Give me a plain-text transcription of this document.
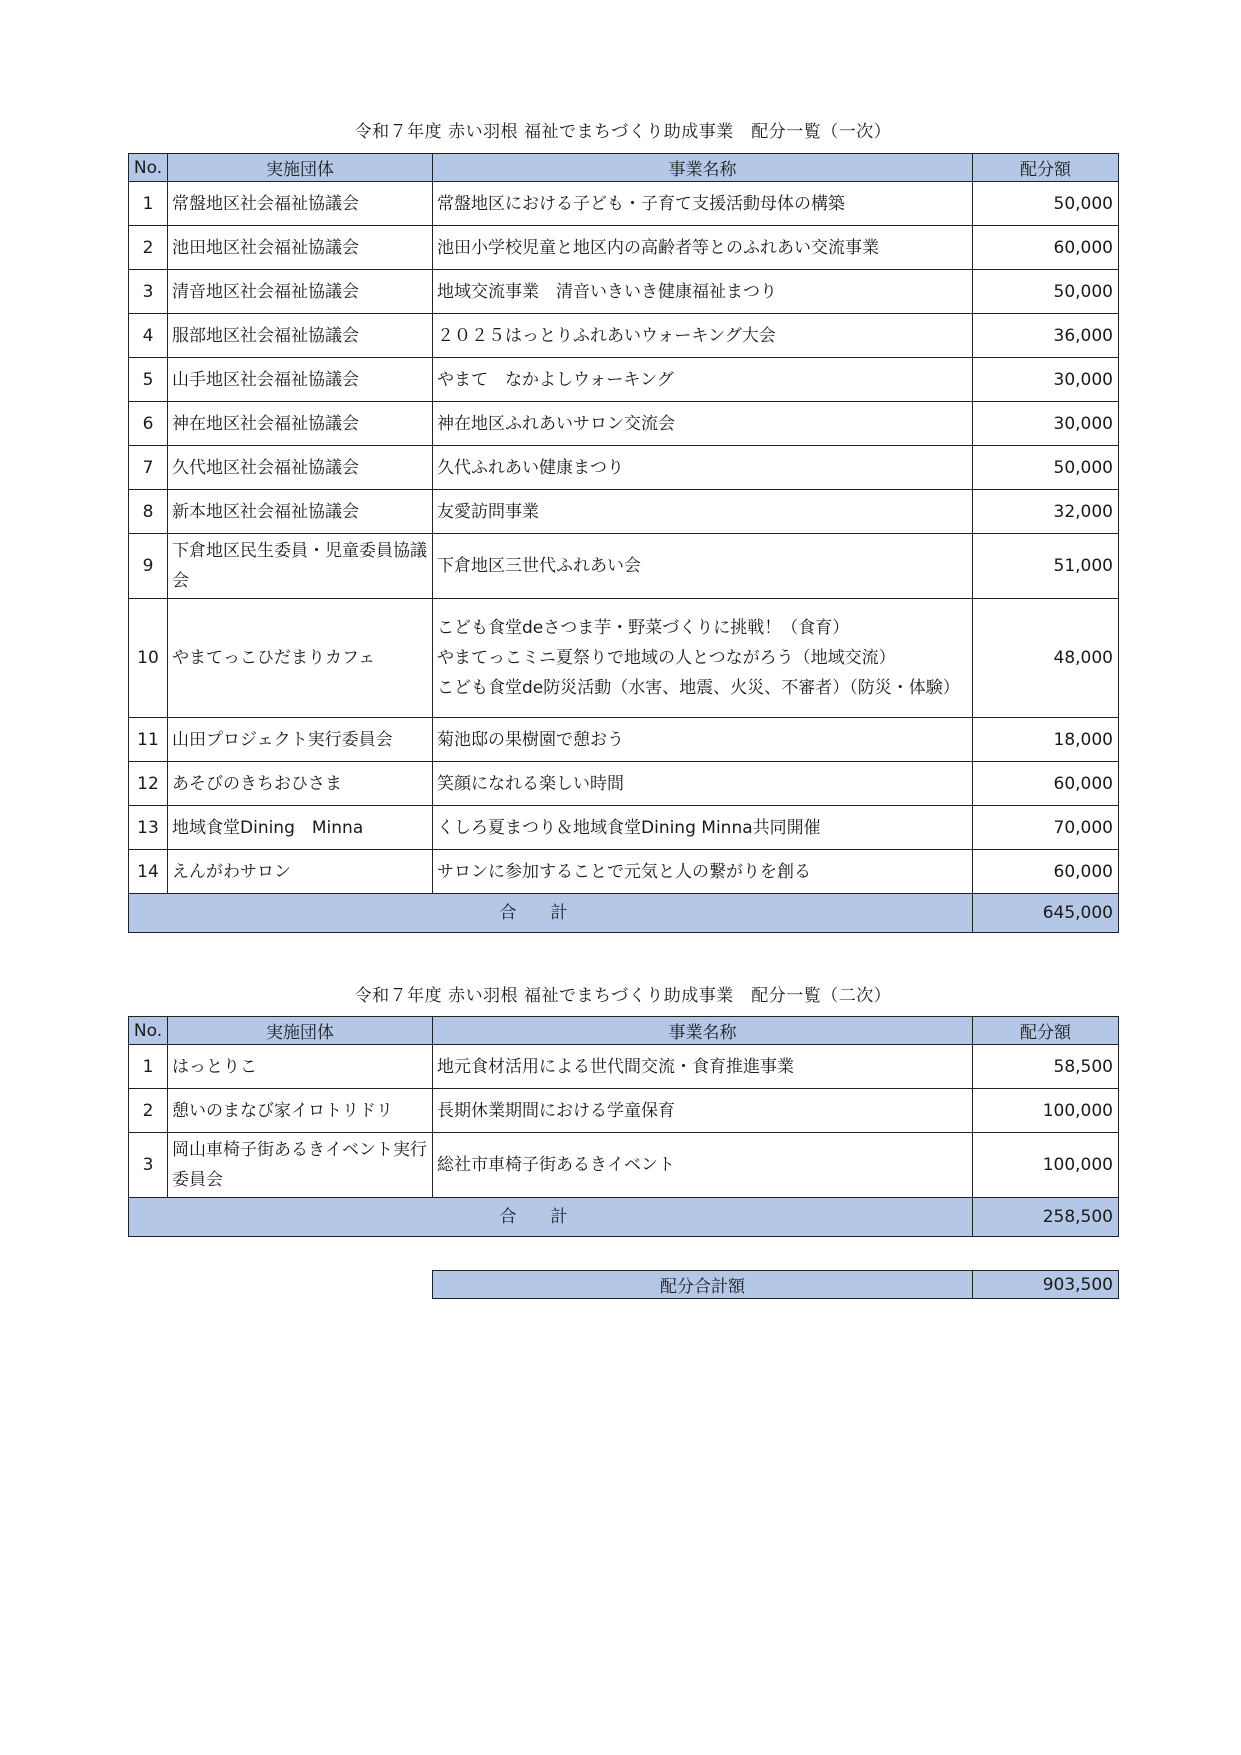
令和７年度 赤い羽根 福祉でまちづくり助成事業　配分一覧（一次）
No.	実施団体	事業名称	配分額
1	常盤地区社会福祉協議会	常盤地区における子ども・子育て支援活動母体の構築	50,000
2	池田地区社会福祉協議会	池田小学校児童と地区内の高齢者等とのふれあい交流事業	60,000
3	清音地区社会福祉協議会	地域交流事業　清音いきいき健康福祉まつり	50,000
4	服部地区社会福祉協議会	２０２５はっとりふれあいウォーキング大会	36,000
5	山手地区社会福祉協議会	やまて　なかよしウォーキング	30,000
6	神在地区社会福祉協議会	神在地区ふれあいサロン交流会	30,000
7	久代地区社会福祉協議会	久代ふれあい健康まつり	50,000
8	新本地区社会福祉協議会	友愛訪問事業	32,000
9	下倉地区民生委員・児童委員協議会	下倉地区三世代ふれあい会	51,000
10	やまてっこひだまりカフェ	こども食堂deさつま芋・野菜づくりに挑戦！（食育）
やまてっこミニ夏祭りで地域の人とつながろう（地域交流）
こども食堂de防災活動（水害、地震、火災、不審者）（防災・体験）	48,000
11	山田プロジェクト実行委員会	菊池邸の果樹園で憩おう	18,000
12	あそびのきちおひさま	笑顔になれる楽しい時間	60,000
13	地域食堂Dining　Minna	くしろ夏まつり＆地域食堂Dining Minna共同開催	70,000
14	えんがわサロン	サロンに参加することで元気と人の繋がりを創る	60,000
合計			645,000
令和７年度 赤い羽根 福祉でまちづくり助成事業　配分一覧（二次）
No.	実施団体	事業名称	配分額
1	はっとりこ	地元食材活用による世代間交流・食育推進事業	58,500
2	憩いのまなび家イロトリドリ	長期休業期間における学童保育	100,000
3	岡山車椅子街あるきイベント実行委員会	総社市車椅子街あるきイベント	100,000
合計			258,500
配分合計額	903,500
